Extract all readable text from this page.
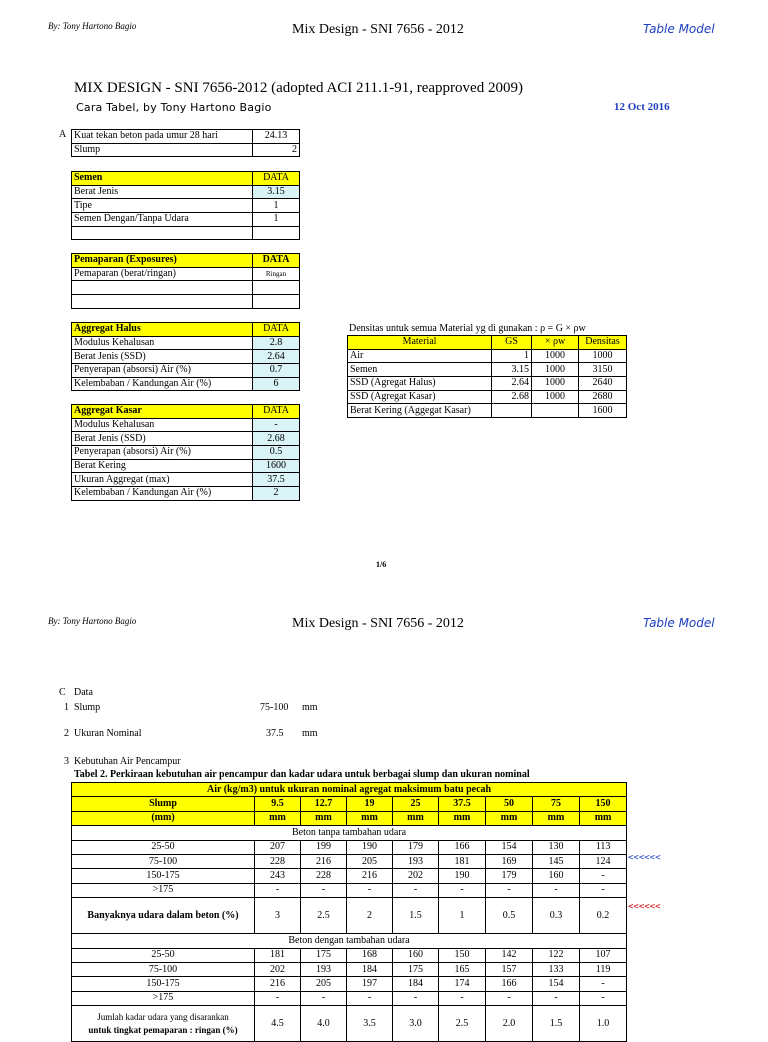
By: Tony Hartono Bagio	Mix Design - SNI 7656 - 2012	Table Model
MIX DESIGN - SNI 7656-2012 (adopted ACI 211.1-91, reapproved 2009)
Cara Tabel, by Tony Hartono Bagio	12 Oct 2016
A Kuat tekan beton pada umur 28 hari	24.13
Slump	2
Semen	DATA
Berat Jenis	3.15
Tipe	1
Semen Dengan/Tanpa Udara	1

Pemaparan (Exposures)	DATA
Pemaparan (berat/ringan)	Ringan

Aggregat Halus	DATA
Modulus Kehalusan	2.8
Berat Jenis (SSD)	2.64
Penyerapan (absorsi) Air (%)	0.7
Kelembaban / Kandungan Air (%)	6
Aggregat Kasar	DATA
Modulus Kehalusan	-
Berat Jenis (SSD)	2.68
Penyerapan (absorsi) Air (%)	0.5
Berat Kering	1600
Ukuran Aggregat (max)	37.5
Kelembaban / Kandungan Air (%)	2
Densitas untuk semua Material yg di gunakan : ρ = G × ρw
Material	GS	× ρw	Densitas
Air	1	1000	1000
Semen	3.15	1000	3150
SSD (Agregat Halus)	2.64	1000	2640
SSD (Agregat Kasar)	2.68	1000	2680
Berat Kering (Aggegat Kasar)			1600
1/6
By: Tony Hartono Bagio	Mix Design - SNI 7656 - 2012	Table Model
C Data
1 Slump	75-100 mm
2 Ukuran Nominal	37.5 mm
3 Kebutuhan Air Pencampur
Tabel 2. Perkiraan kebutuhan air pencampur dan kadar udara untuk berbagai slump dan ukuran nominal
Air (kg/m3) untuk ukuran nominal agregat maksimum batu pecah								
Slump	9.5	12.7	19	25	37.5	50	75	150
(mm)	mm	mm	mm	mm	mm	mm	mm	mm
Beton tanpa tambahan udara								
25-50	207	199	190	179	166	154	130	113
75-100	228	216	205	193	181	169	145	124
150-175	243	228	216	202	190	179	160	-
>175	-	-	-	-	-	-	-	-
Banyaknya udara dalam beton (%)	3	2.5	2	1.5	1	0.5	0.3	0.2
Beton dengan tambahan udara								
25-50	181	175	168	160	150	142	122	107
75-100	202	193	184	175	165	157	133	119
150-175	216	205	197	184	174	166	154	-
>175	-	-	-	-	-	-	-	-

Jumlah kadar udara yang disarankan
untuk tingkat pemaparan : ringan (%)	4.5	4.0	3.5	3.0	2.5	2.0	1.5	1.0
<<<<<<
<<<<<<
